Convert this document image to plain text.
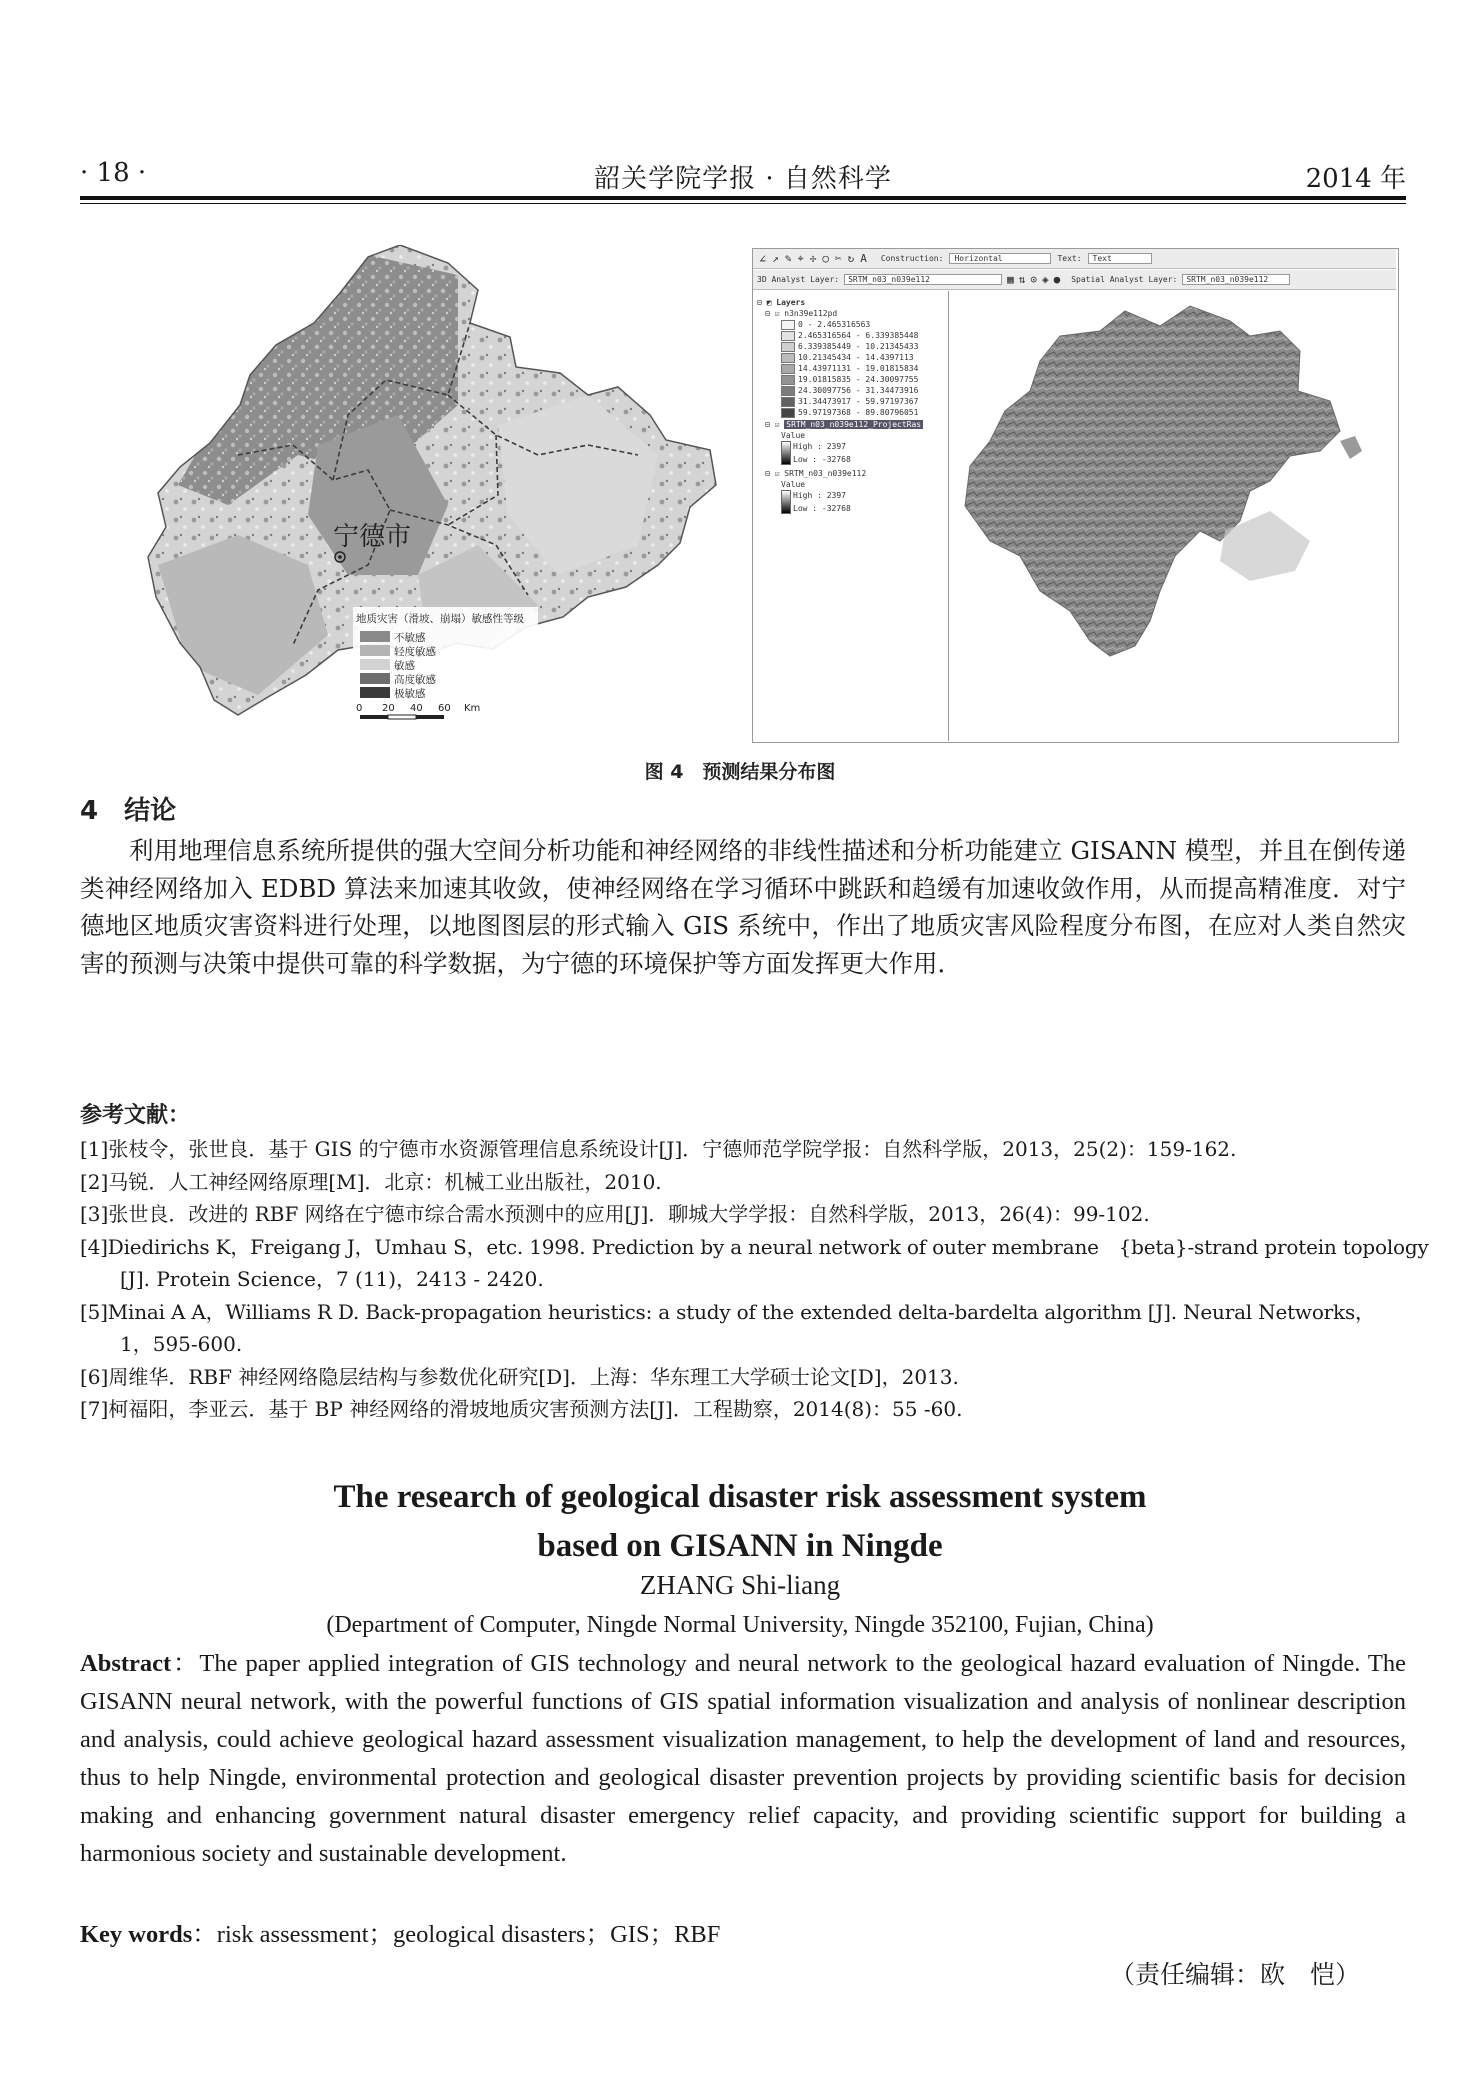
· 18 ·	韶关学院学报 · 自然科学	2014 年
宁德市
地质灾害（滑坡、崩塌）敏感性等级
不敏感
轻度敏感
敏感
高度敏感
极敏感
0 20 40 60 Km
∠ ↗ ✎ ⌖ ✢ ○ ✂ ↻ A Construction:	Horizontal	Text:	Text
3D Analyst Layer:	SRTM_n03_n039e112	▦ ⇅ ⊙ ◈ ● Spatial Analyst Layer:	SRTM_n03_n039e112
⊟ ◩ Layers
⊟ ☑ n3n39e112pd
0 - 2.465316563
2.465316564 - 6.339385448
6.339385449 - 10.21345433
10.21345434 - 14.4397113
14.43971131 - 19.01815834
19.01815835 - 24.30097755
24.30097756 - 31.34473916
31.34473917 - 59.97197367
59.97197368 - 89.80796051
⊟ ☑ SRTM_n03_n039e112_ProjectRas
Value
High : 2397
Low : -32768
⊟ ☑ SRTM_n03_n039e112
Value
High : 2397
Low : -32768
图 4　预测结果分布图
4　结论

利用地理信息系统所提供的强大空间分析功能和神经网络的非线性描述和分析功能建立 GISANN 模型，并且在倒传递类神经网络加入 EDBD 算法来加速其收敛，使神经网络在学习循环中跳跃和趋缓有加速收敛作用，从而提高精准度．对宁德地区地质灾害资料进行处理，以地图图层的形式输入 GIS 系统中，作出了地质灾害风险程度分布图，在应对人类自然灾害的预测与决策中提供可靠的科学数据，为宁德的环境保护等方面发挥更大作用．

参考文献：
[1]张枝令，张世良．基于 GIS 的宁德市水资源管理信息系统设计[J]．宁德师范学院学报：自然科学版，2013，25(2)：159-162.
[2]马锐．人工神经网络原理[M]．北京：机械工业出版社，2010.
[3]张世良．改进的 RBF 网络在宁德市综合需水预测中的应用[J]．聊城大学学报：自然科学版，2013，26(4)：99-102.
[4]Diedirichs K，Freigang J，Umhau S，etc. 1998. Prediction by a neural network of outer membrane　{beta}-strand protein topology
[J]. Protein Science，7 (11)，2413 - 2420.
[5]Minai A A，Williams R D. Back-propagation heuristics: a study of the extended delta-bardelta algorithm [J]. Neural Networks，
1，595-600.
[6]周维华．RBF 神经网络隐层结构与参数优化研究[D]．上海：华东理工大学硕士论文[D]，2013.
[7]柯福阳，李亚云．基于 BP 神经网络的滑坡地质灾害预测方法[J]．工程勘察，2014(8)：55 -60.
The research of geological disaster risk assessment system
based on GISANN in Ningde
ZHANG Shi-liang
(Department of Computer, Ningde Normal University, Ningde 352100, Fujian, China)
Abstract：The paper applied integration of GIS technology and neural network to the geological hazard evaluation of Ningde. The GISANN neural network, with the powerful functions of GIS spatial information visualization and analysis of nonlinear description and analysis, could achieve geological hazard assessment visualization management, to help the development of land and resources, thus to help Ningde, environmental protection and geological disaster prevention projects by providing scientific basis for decision making and enhancing government natural disaster emergency relief capacity, and providing scientific support for building a harmonious society and sustainable development.
Key words：risk assessment；geological disasters；GIS；RBF
（责任编辑：欧　恺）
